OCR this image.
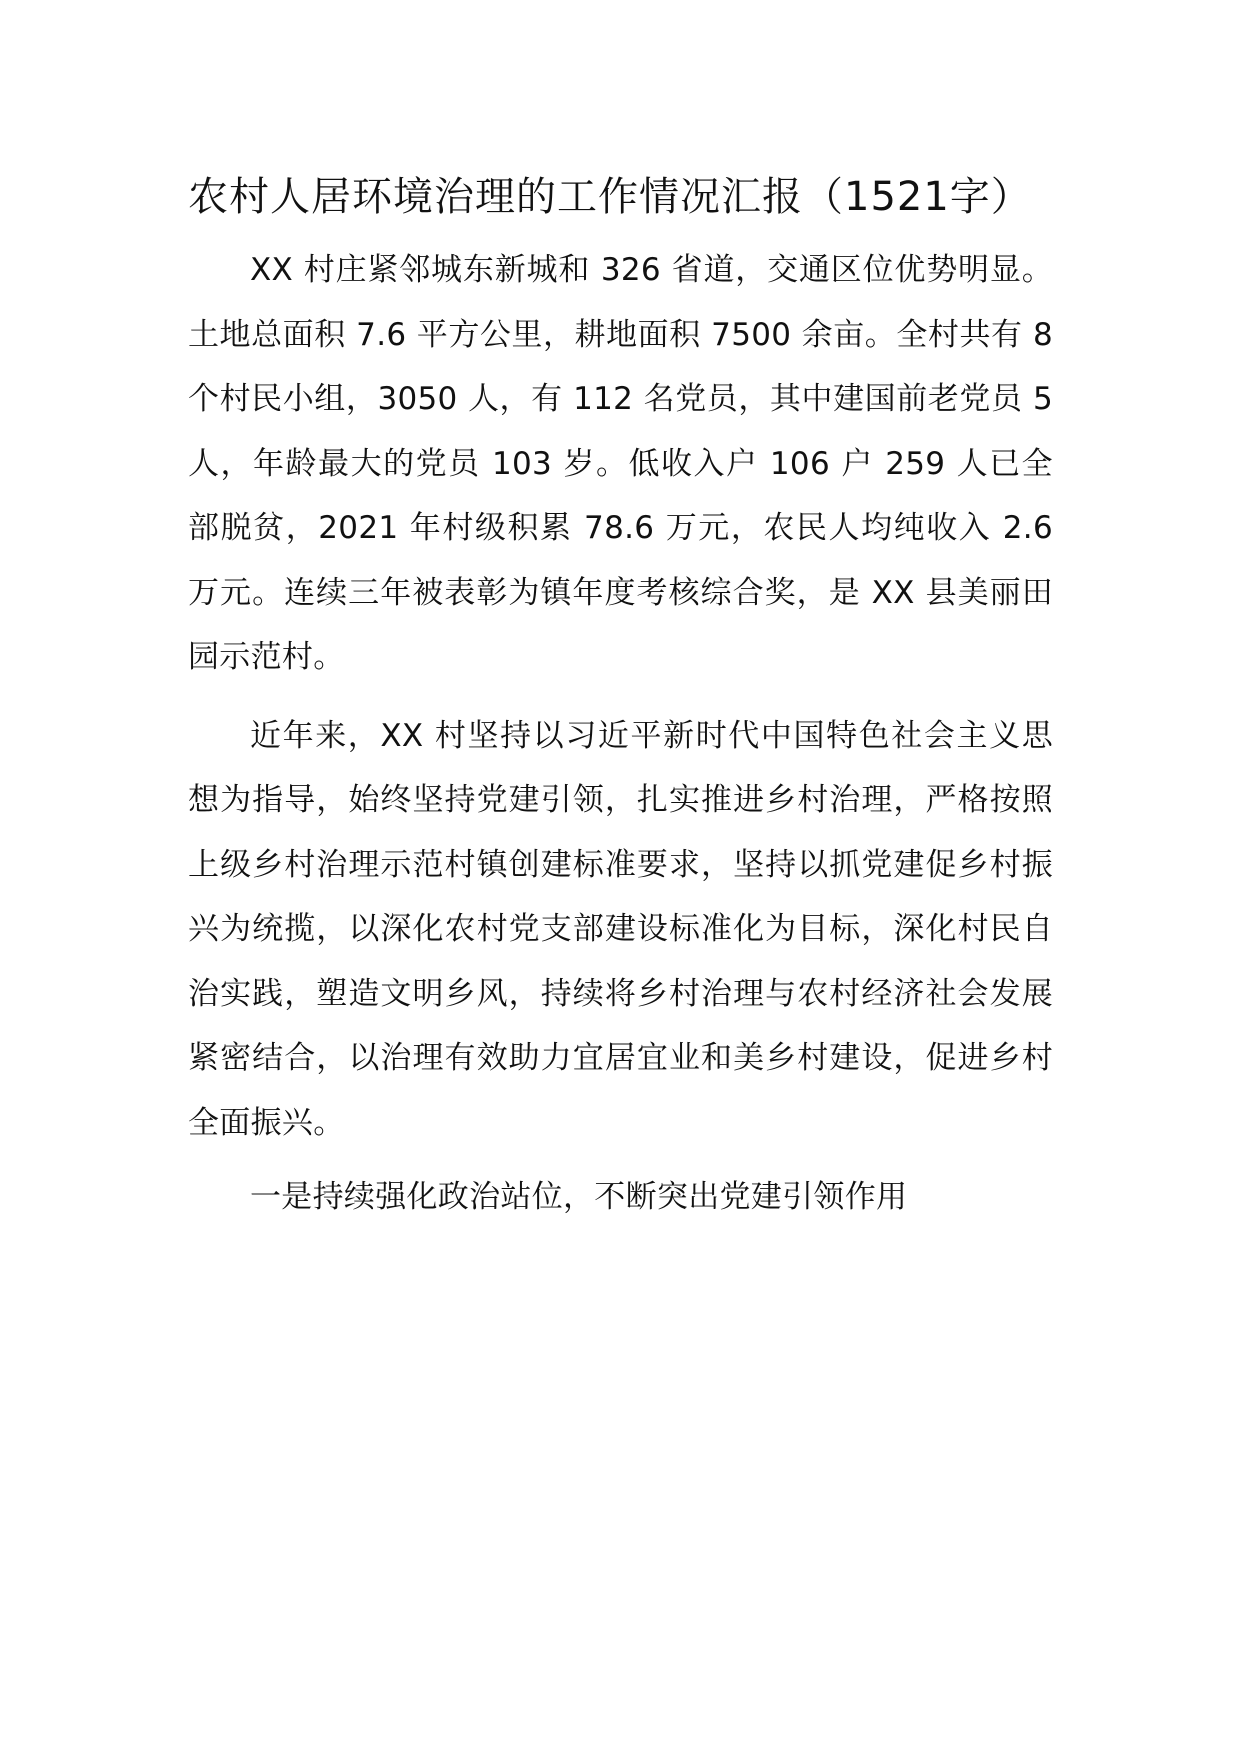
农村人居环境治理的工作情况汇报（1521字）

XX 村庄紧邻城东新城和 326 省道，交通区位优势明显。土地总面积 7.6 平方公里，耕地面积 7500 余亩。全村共有 8 个村民小组，3050 人，有 112 名党员，其中建国前老党员 5 人，年龄最大的党员 103 岁。低收入户 106 户 259 人已全部脱贫，2021 年村级积累 78.6 万元，农民人均纯收入 2.6 万元。连续三年被表彰为镇年度考核综合奖，是 XX 县美丽田园示范村。

近年来，XX 村坚持以习近平新时代中国特色社会主义思想为指导，始终坚持党建引领，扎实推进乡村治理，严格按照上级乡村治理示范村镇创建标准要求，坚持以抓党建促乡村振兴为统揽，以深化农村党支部建设标准化为目标，深化村民自治实践，塑造文明乡风，持续将乡村治理与农村经济社会发展紧密结合，以治理有效助力宜居宜业和美乡村建设，促进乡村全面振兴。

一是持续强化政治站位，不断突出党建引领作用
